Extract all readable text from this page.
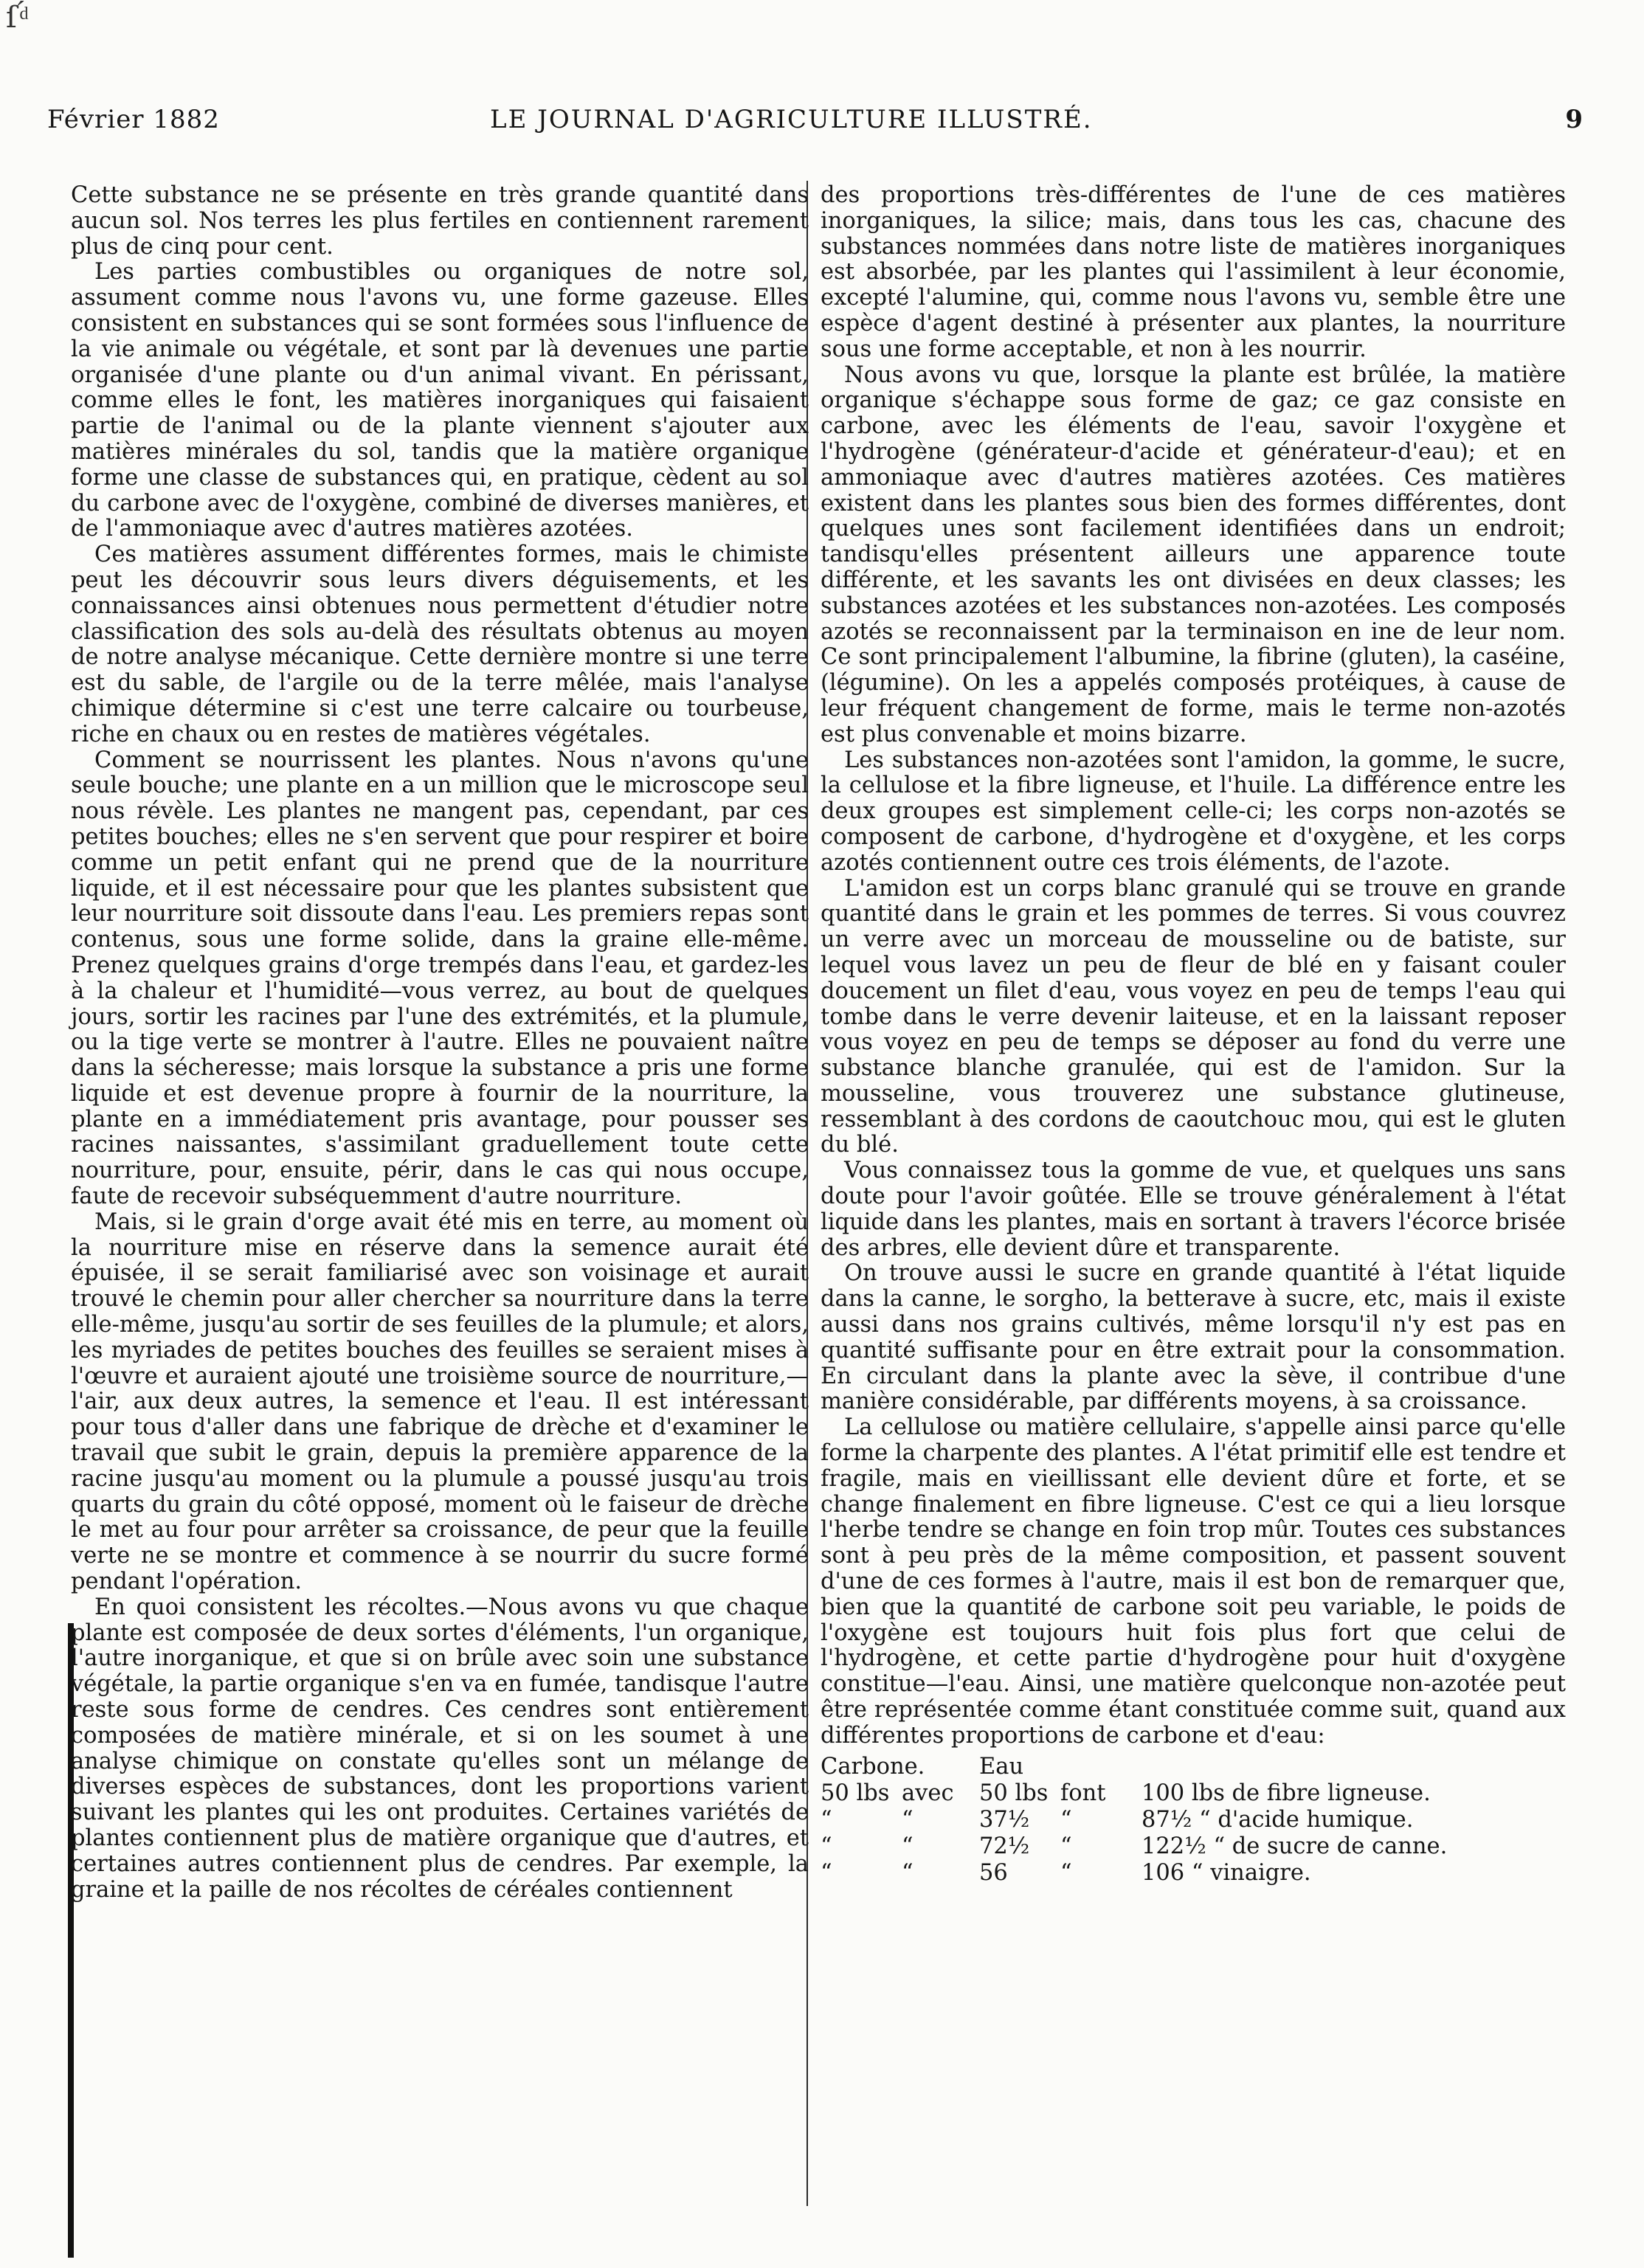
ſ ́ͩ
Février 1882	LE JOURNAL D'AGRICULTURE ILLUSTRÉ.	9

Cette substance ne se présente en très grande quantité dans aucun sol. Nos terres les plus fertiles en contiennent rarement plus de cinq pour cent.

Les parties combustibles ou organiques de notre sol, assument comme nous l'avons vu, une forme gazeuse. Elles consistent en substances qui se sont formées sous l'influence de la vie animale ou végétale, et sont par là devenues une partie organisée d'une plante ou d'un animal vivant. En périssant, comme elles le font, les matières inorganiques qui faisaient partie de l'animal ou de la plante viennent s'ajouter aux matières minérales du sol, tandis que la matière organique forme une classe de substances qui, en pratique, cèdent au sol du carbone avec de l'oxygène, combiné de diverses manières, et de l'ammoniaque avec d'autres matières azotées.

Ces matières assument différentes formes, mais le chimiste peut les découvrir sous leurs divers déguisements, et les connaissances ainsi obtenues nous permettent d'étudier notre classification des sols au-delà des résultats obtenus au moyen de notre analyse mécanique. Cette dernière montre si une terre est du sable, de l'argile ou de la terre mêlée, mais l'analyse chimique détermine si c'est une terre calcaire ou tourbeuse, riche en chaux ou en restes de matières végétales.

Comment se nourrissent les plantes. Nous n'avons qu'une seule bouche; une plante en a un million que le microscope seul nous révèle. Les plantes ne mangent pas, cependant, par ces petites bouches; elles ne s'en servent que pour respirer et boire comme un petit enfant qui ne prend que de la nourriture liquide, et il est nécessaire pour que les plantes subsistent que leur nourriture soit dissoute dans l'eau. Les premiers repas sont contenus, sous une forme solide, dans la graine elle-même. Prenez quelques grains d'orge trempés dans l'eau, et gardez-les à la chaleur et l'humidité—vous verrez, au bout de quelques jours, sortir les racines par l'une des extrémités, et la plumule, ou la tige verte se montrer à l'autre. Elles ne pouvaient naître dans la sécheresse; mais lorsque la substance a pris une forme liquide et est devenue propre à fournir de la nourriture, la plante en a immédiatement pris avantage, pour pousser ses racines naissantes, s'assimilant graduellement toute cette nourriture, pour, ensuite, périr, dans le cas qui nous occupe, faute de recevoir subséquemment d'autre nourriture.

Mais, si le grain d'orge avait été mis en terre, au moment où la nourriture mise en réserve dans la semence aurait été épuisée, il se serait familiarisé avec son voisinage et aurait trouvé le chemin pour aller chercher sa nourriture dans la terre elle-même, jusqu'au sortir de ses feuilles de la plumule; et alors, les myriades de petites bouches des feuilles se seraient mises à l'œuvre et auraient ajouté une troisième source de nourriture,—l'air, aux deux autres, la semence et l'eau. Il est intéressant pour tous d'aller dans une fabrique de drèche et d'examiner le travail que subit le grain, depuis la première apparence de la racine jusqu'au moment ou la plumule a poussé jusqu'au trois quarts du grain du côté opposé, moment où le faiseur de drèche le met au four pour arrêter sa croissance, de peur que la feuille verte ne se montre et commence à se nourrir du sucre formé pendant l'opération.

En quoi consistent les récoltes.—Nous avons vu que chaque plante est composée de deux sortes d'éléments, l'un organique, l'autre inorganique, et que si on brûle avec soin une substance végétale, la partie organique s'en va en fumée, tandisque l'autre reste sous forme de cendres. Ces cendres sont entièrement composées de matière minérale, et si on les soumet à une analyse chimique on constate qu'elles sont un mélange de diverses espèces de substances, dont les proportions varient suivant les plantes qui les ont produites. Certaines variétés de plantes contiennent plus de matière organique que d'autres, et certaines autres contiennent plus de cendres. Par exemple, la graine et la paille de nos récoltes de céréales contiennent

des proportions très-différentes de l'une de ces matières inorganiques, la silice; mais, dans tous les cas, chacune des substances nommées dans notre liste de matières inorganiques est absorbée, par les plantes qui l'assimilent à leur économie, excepté l'alumine, qui, comme nous l'avons vu, semble être une espèce d'agent destiné à présenter aux plantes, la nourriture sous une forme acceptable, et non à les nourrir.

Nous avons vu que, lorsque la plante est brûlée, la matière organique s'échappe sous forme de gaz; ce gaz consiste en carbone, avec les éléments de l'eau, savoir l'oxygène et l'hydrogène (générateur-d'acide et générateur-d'eau); et en ammoniaque avec d'autres matières azotées. Ces matières existent dans les plantes sous bien des formes différentes, dont quelques unes sont facilement identifiées dans un endroit; tandisqu'elles présentent ailleurs une apparence toute différente, et les savants les ont divisées en deux classes; les substances azotées et les substances non-azotées. Les composés azotés se reconnaissent par la terminaison en ine de leur nom. Ce sont principalement l'albumine, la fibrine (gluten), la caséine, (légumine). On les a appelés composés protéiques, à cause de leur fréquent changement de forme, mais le terme non-azotés est plus convenable et moins bizarre.

Les substances non-azotées sont l'amidon, la gomme, le sucre, la cellulose et la fibre ligneuse, et l'huile. La différence entre les deux groupes est simplement celle-ci; les corps non-azotés se composent de carbone, d'hydrogène et d'oxygène, et les corps azotés contiennent outre ces trois éléments, de l'azote.

L'amidon est un corps blanc granulé qui se trouve en grande quantité dans le grain et les pommes de terres. Si vous couvrez un verre avec un morceau de mousseline ou de batiste, sur lequel vous lavez un peu de fleur de blé en y faisant couler doucement un filet d'eau, vous voyez en peu de temps l'eau qui tombe dans le verre devenir laiteuse, et en la laissant reposer vous voyez en peu de temps se déposer au fond du verre une substance blanche granulée, qui est de l'amidon. Sur la mousseline, vous trouverez une substance glutineuse, ressemblant à des cordons de caoutchouc mou, qui est le gluten du blé.

Vous connaissez tous la gomme de vue, et quelques uns sans doute pour l'avoir goûtée. Elle se trouve généralement à l'état liquide dans les plantes, mais en sortant à travers l'écorce brisée des arbres, elle devient dûre et transparente.

On trouve aussi le sucre en grande quantité à l'état liquide dans la canne, le sorgho, la betterave à sucre, etc, mais il existe aussi dans nos grains cultivés, même lorsqu'il n'y est pas en quantité suffisante pour en être extrait pour la consommation. En circulant dans la plante avec la sève, il contribue d'une manière considérable, par différents moyens, à sa croissance.

La cellulose ou matière cellulaire, s'appelle ainsi parce qu'elle forme la charpente des plantes. A l'état primitif elle est tendre et fragile, mais en vieillissant elle devient dûre et forte, et se change finalement en fibre ligneuse. C'est ce qui a lieu lorsque l'herbe tendre se change en foin trop mûr. Toutes ces substances sont à peu près de la même composition, et passent souvent d'une de ces formes à l'autre, mais il est bon de remarquer que, bien que la quantité de carbone soit peu variable, le poids de l'oxygène est toujours huit fois plus fort que celui de l'hydrogène, et cette partie d'hydrogène pour huit d'oxygène constitue—l'eau. Ainsi, une matière quelconque non-azotée peut être représentée comme étant constituée comme suit, quand aux différentes proportions de carbone et d'eau:

Carbone.	Eau
50 lbs avec	50 lbs font	100 lbs de fibre ligneuse.
“	“	37½	“	87½ “ d'acide humique.
“	“	72½	“	122½ “ de sucre de canne.
“	“	56	“	106 “ vinaigre.
